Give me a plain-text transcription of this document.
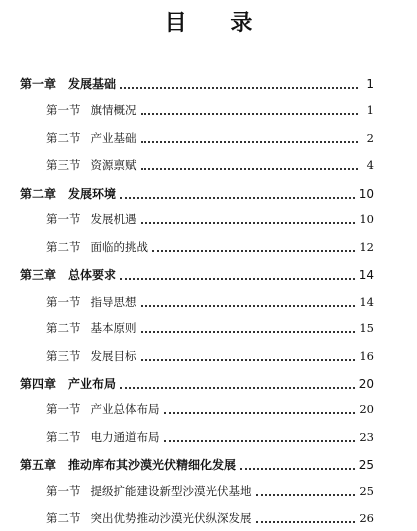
目 录
第一章 发展基础	1
第一节 旗情概况	1
第二节 产业基础	2
第三节 资源禀赋	4
第二章 发展环境	10
第一节 发展机遇	10
第二节 面临的挑战	12
第三章 总体要求	14
第一节 指导思想	14
第二节 基本原则	15
第三节 发展目标	16
第四章 产业布局	20
第一节 产业总体布局	20
第二节 电力通道布局	23
第五章 推动库布其沙漠光伏精细化发展	25
第一节 提级扩能建设新型沙漠光伏基地	25
第二节 突出优势推动沙漠光伏纵深发展	26
